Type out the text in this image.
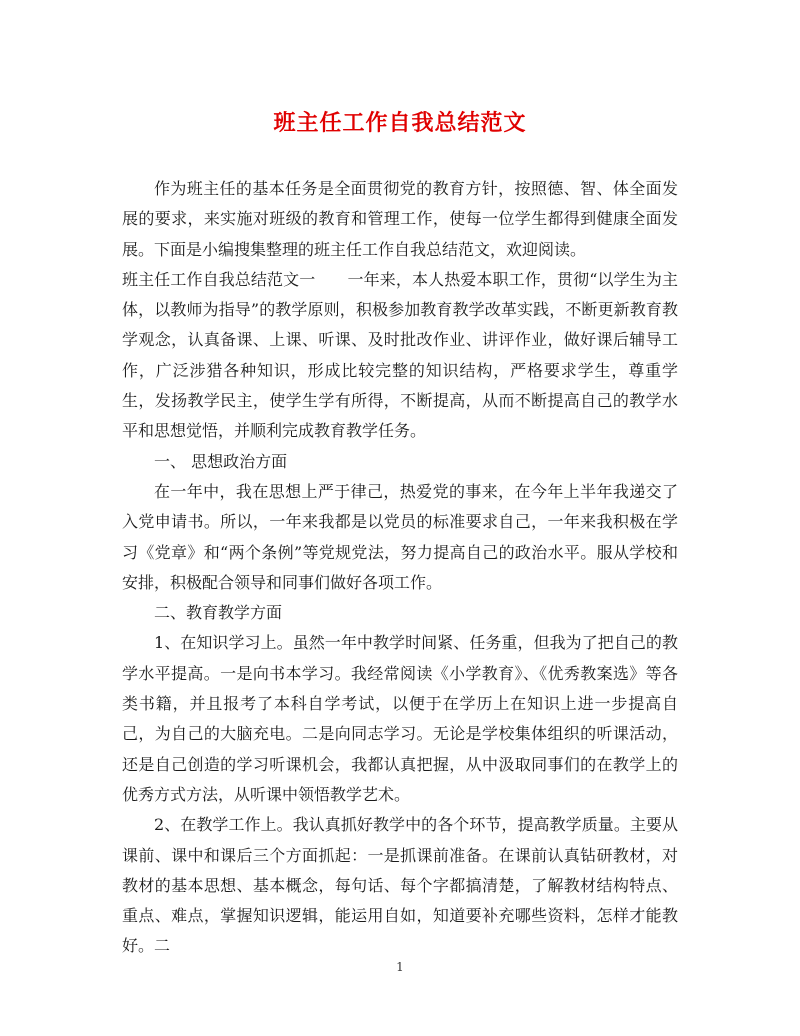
班主任工作自我总结范文

作为班主任的基本任务是全面贯彻党的教育方针，按照德、智、体全面发展的要求，来实施对班级的教育和管理工作，使每一位学生都得到健康全面发展。下面是小编搜集整理的班主任工作自我总结范文，欢迎阅读。

班主任工作自我总结范文一 一年来，本人热爱本职工作，贯彻“以学生为主体，以教师为指导”的教学原则，积极参加教育教学改革实践，不断更新教育教学观念，认真备课、上课、听课、及时批改作业、讲评作业，做好课后辅导工作，广泛涉猎各种知识，形成比较完整的知识结构，严格要求学生，尊重学生，发扬教学民主，使学生学有所得，不断提高，从而不断提高自己的教学水平和思想觉悟，并顺利完成教育教学任务。

一、 思想政治方面

在一年中，我在思想上严于律己，热爱党的事来，在今年上半年我递交了入党申请书。所以，一年来我都是以党员的标准要求自己，一年来我积极在学习《党章》和“两个条例”等党规党法，努力提高自己的政治水平。服从学校和安排，积极配合领导和同事们做好各项工作。

二、教育教学方面

1、在知识学习上。虽然一年中教学时间紧、任务重，但我为了把自己的教学水平提高。一是向书本学习。我经常阅读《小学教育》、《优秀教案选》等各类书籍，并且报考了本科自学考试，以便于在学历上在知识上进一步提高自己，为自己的大脑充电。二是向同志学习。无论是学校集体组织的听课活动，还是自己创造的学习听课机会，我都认真把握，从中汲取同事们的在教学上的优秀方式方法，从听课中领悟教学艺术。

2、在教学工作上。我认真抓好教学中的各个环节，提高教学质量。主要从课前、课中和课后三个方面抓起：一是抓课前准备。在课前认真钻研教材，对教材的基本思想、基本概念，每句话、每个字都搞清楚，了解教材结构特点、重点、难点，掌握知识逻辑，能运用自如，知道要补充哪些资料，怎样才能教好。二

1
